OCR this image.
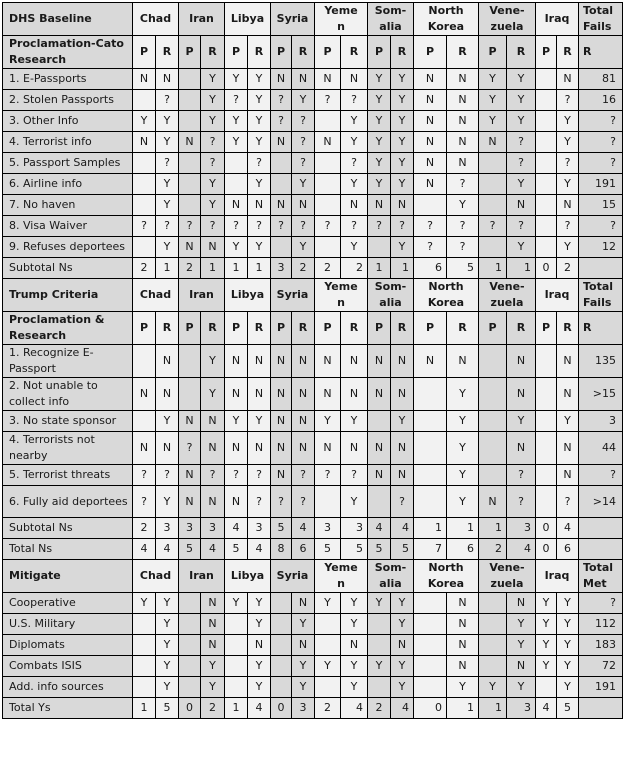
DHS Baseline	Chad		Iran		Libya		Syria		Yeme n		Som- alia		North Korea		Vene- zuela		Iraq		Total Fails
Proclamation-Cato Research	P	R	P	R	P	R	P	R	P	R	P	R	P	R	P	R	P	R	R
1. E-Passports	N	N		Y	Y	Y	N	N	N	N	Y	Y	N	N	Y	Y		N	81
2. Stolen Passports		?		Y	?	Y	?	Y	?	?	Y	Y	N	N	Y	Y		?	16
3. Other Info	Y	Y		Y	Y	Y	?	?		Y	Y	Y	N	N	Y	Y		Y	?
4. Terrorist info	N	Y	N	?	Y	Y	N	?	N	Y	Y	Y	N	N	N	?		Y	?
5. Passport Samples		?		?		?		?		?	Y	Y	N	N		?		?	?
6. Airline info		Y		Y		Y		Y		Y	Y	Y	N	?		Y		Y	191
7. No haven		Y		Y	N	N	N	N		N	N	N		Y		N		N	15
8. Visa Waiver	?	?	?	?	?	?	?	?	?	?	?	?	?	?	?	?		?	?
9. Refuses deportees		Y	N	N	Y	Y		Y		Y		Y	?	?		Y		Y	12
Subtotal Ns	2	1	2	1	1	1	3	2	2	2	1	1	6	5	1	1	0	2	
Trump Criteria	Chad		Iran		Libya		Syria		Yeme n		Som- alia		North Korea		Vene- zuela		Iraq		Total Fails
Proclamation & Research	P	R	P	R	P	R	P	R	P	R	P	R	P	R	P	R	P	R	R
1. Recognize E-Passport		N		Y	N	N	N	N	N	N	N	N	N	N		N		N	135
2. Not unable to collect info	N	N		Y	N	N	N	N	N	N	N	N		Y		N		N	>15
3. No state sponsor		Y	N	N	Y	Y	N	N	Y	Y		Y		Y		Y		Y	3
4. Terrorists not nearby	N	N	?	N	N	N	N	N	N	N	N	N		Y		N		N	44
5. Terrorist threats	?	?	N	?	?	?	N	?	?	?	N	N		Y		?		N	?
6. Fully aid deportees	?	Y	N	N	N	?	?	?		Y		?		Y	N	?		?	>14
Subtotal Ns	2	3	3	3	4	3	5	4	3	3	4	4	1	1	1	3	0	4	
Total Ns	4	4	5	4	5	4	8	6	5	5	5	5	7	6	2	4	0	6	
Mitigate	Chad		Iran		Libya		Syria		Yeme n		Som- alia		North Korea		Vene- zuela		Iraq		Total Met
Cooperative	Y	Y		N	Y	Y		N	Y	Y	Y	Y		N		N	Y	Y	?
U.S. Military		Y		N		Y		Y		Y		Y		N		Y	Y	Y	112
Diplomats		Y		N		N		N		N		N		N		Y	Y	Y	183
Combats ISIS		Y		Y		Y		Y	Y	Y	Y	Y		N		N	Y	Y	72
Add. info sources		Y		Y		Y		Y		Y		Y		Y	Y	Y		Y	191
Total Ys	1	5	0	2	1	4	0	3	2	4	2	4	0	1	1	3	4	5	
